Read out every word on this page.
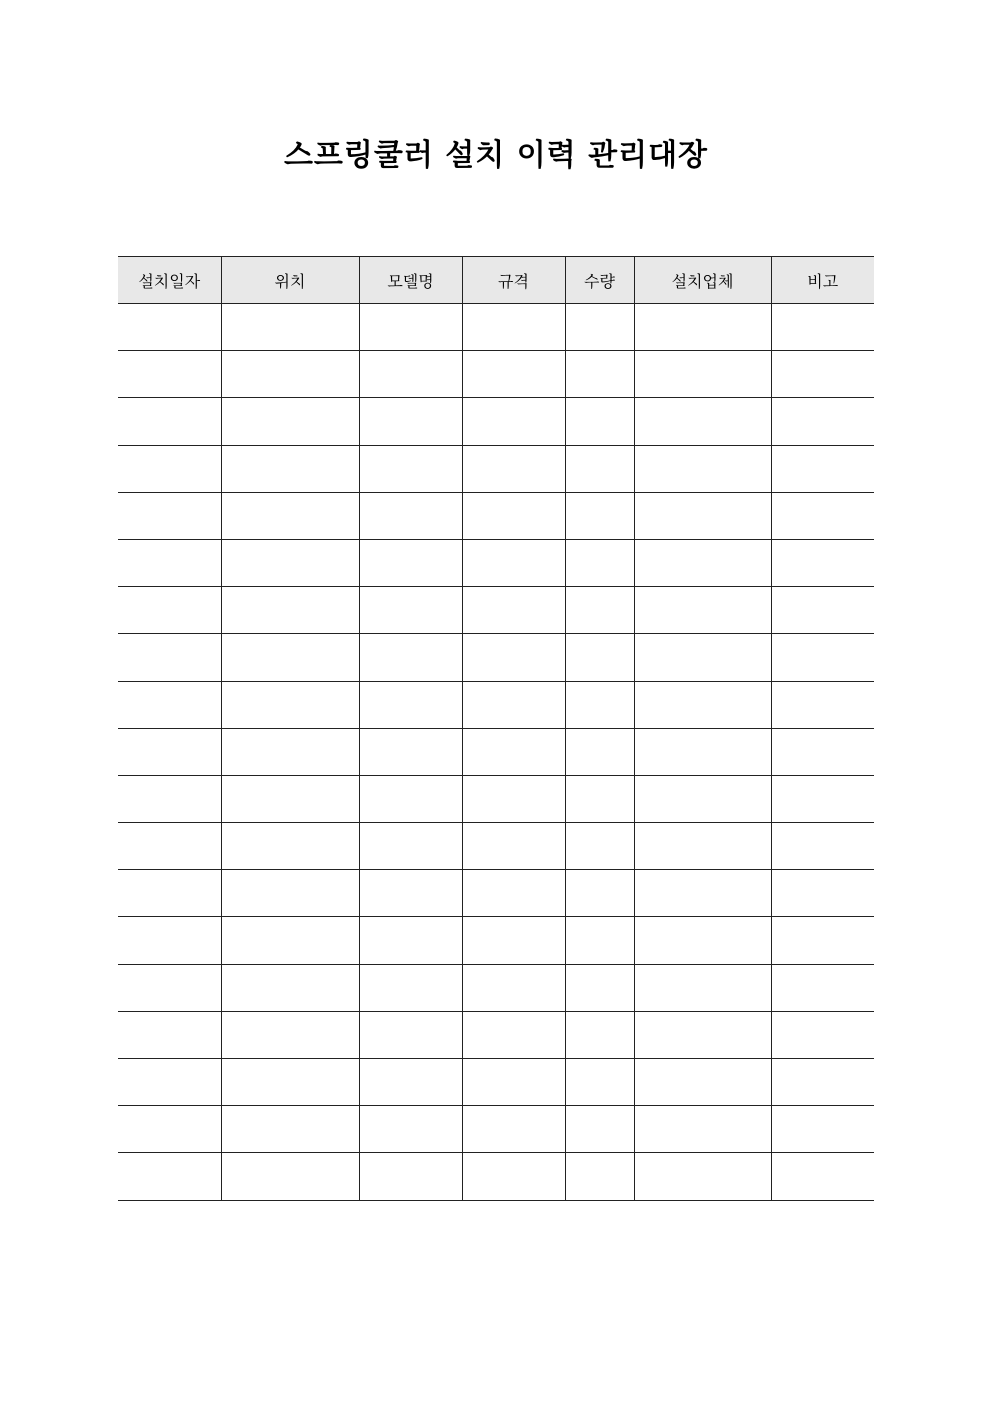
스프링쿨러 설치 이력 관리대장
설치일자	위치	모델명	규격	수량	설치업체	비고
